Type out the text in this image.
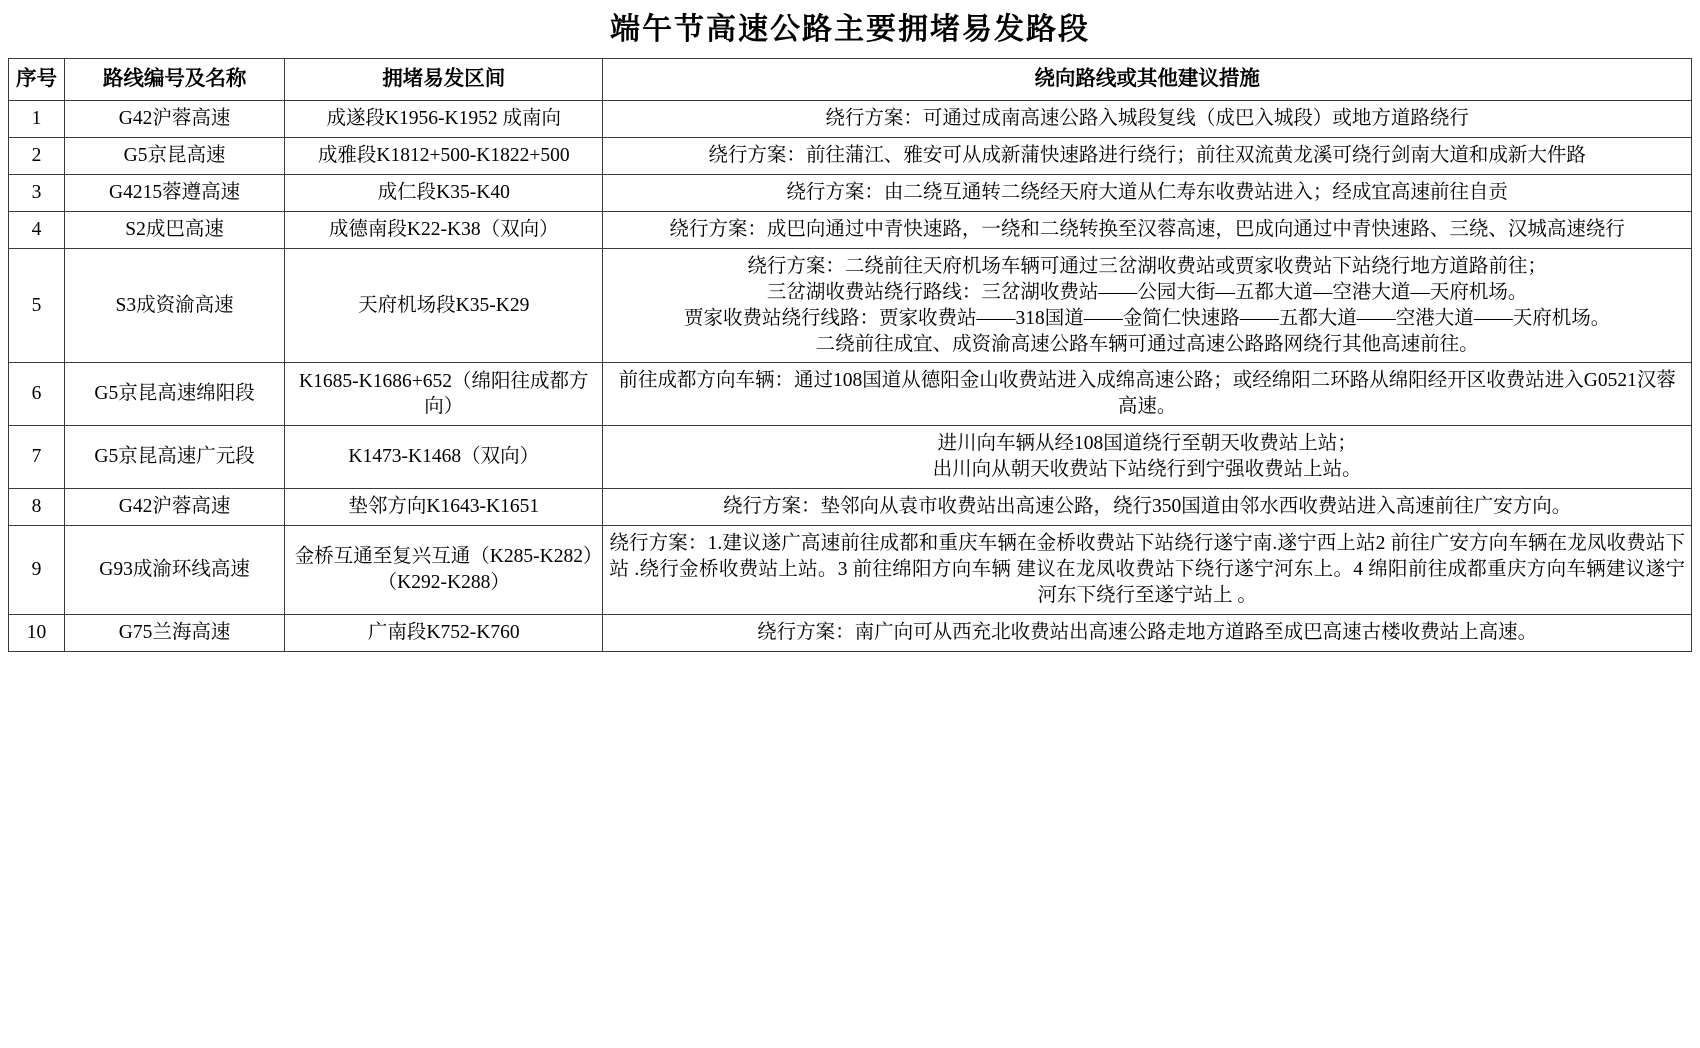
端午节高速公路主要拥堵易发路段
序号	路线编号及名称	拥堵易发区间	绕向路线或其他建议措施
1	G42沪蓉高速	成遂段K1956-K1952 成南向	绕行方案：可通过成南高速公路入城段复线（成巴入城段）或地方道路绕行

2	G5京昆高速	成雅段K1812+500-K1822+500	绕行方案：前往蒲江、雅安可从成新蒲快速路进行绕行；前往双流黄龙溪可绕行剑南大道和成新大件路

3	G4215蓉遵高速	成仁段K35-K40	绕行方案：由二绕互通转二绕经天府大道从仁寿东收费站进入；经成宜高速前往自贡

4	S2成巴高速	成德南段K22-K38（双向）	绕行方案：成巴向通过中青快速路，一绕和二绕转换至汉蓉高速，巴成向通过中青快速路、三绕、汉城高速绕行

5	S3成资渝高速	天府机场段K35-K29	绕行方案：二绕前往天府机场车辆可通过三岔湖收费站或贾家收费站下站绕行地方道路前往；

三岔湖收费站绕行路线：三岔湖收费站——公园大街—五都大道—空港大道—天府机场。

贾家收费站绕行线路：贾家收费站——318国道——金简仁快速路——五都大道——空港大道——天府机场。

二绕前往成宜、成资渝高速公路车辆可通过高速公路路网绕行其他高速前往。

6	G5京昆高速绵阳段	K1685-K1686+652（绵阳往成都方向）	前往成都方向车辆：通过108国道从德阳金山收费站进入成绵高速公路；或经绵阳二环路从绵阳经开区收费站进入G0521汉蓉高速。

7	G5京昆高速广元段	K1473-K1468（双向）	进川向车辆从经108国道绕行至朝天收费站上站；

出川向从朝天收费站下站绕行到宁强收费站上站。

8	G42沪蓉高速	垫邻方向K1643-K1651	绕行方案：垫邻向从袁市收费站出高速公路，绕行350国道由邻水西收费站进入高速前往广安方向。

9	G93成渝环线高速	金桥互通至复兴互通（K285-K282）（K292-K288）	绕行方案：1.建议遂广高速前往成都和重庆车辆在金桥收费站下站绕行遂宁南.遂宁西上站2 前往广安方向车辆在龙凤收费站下站 .绕行金桥收费站上站。3 前往绵阳方向车辆 建议在龙凤收费站下绕行遂宁河东上。4 绵阳前往成都重庆方向车辆建议遂宁河东下绕行至遂宁站上 。

10	G75兰海高速	广南段K752-K760	绕行方案：南广向可从西充北收费站出高速公路走地方道路至成巴高速古楼收费站上高速。
